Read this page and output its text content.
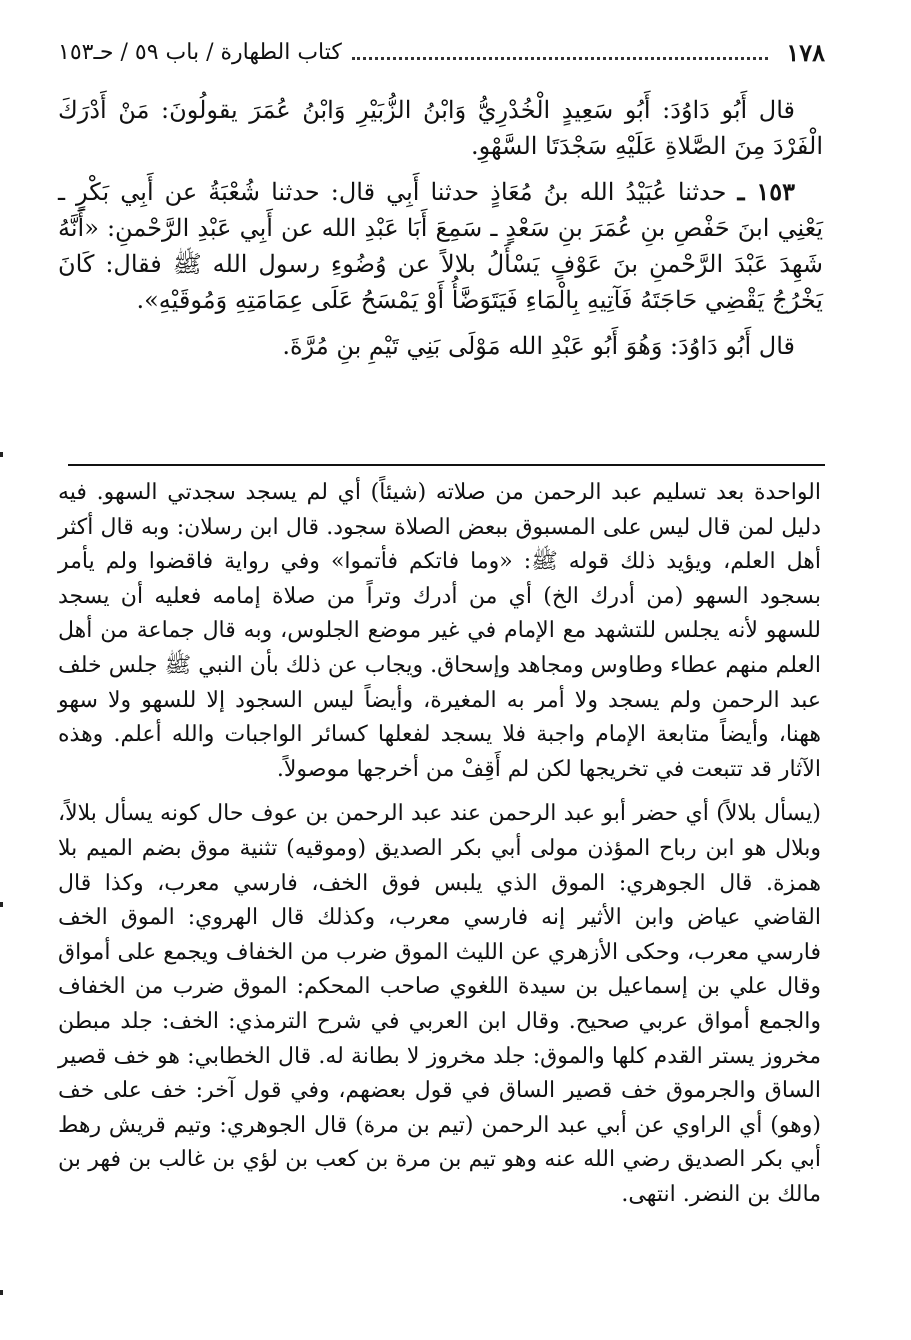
١٧٨
كتاب الطهارة / باب ٥٩ / حـ١٥٣

قال أَبُو دَاوُدَ: أَبُو سَعِيدٍ الْخُدْرِيُّ وَابْنُ الزُّبَيْرِ وَابْنُ عُمَرَ يقولُونَ: مَنْ أَدْرَكَ الْفَرْدَ مِنَ الصَّلاةِ عَلَيْهِ سَجْدَتَا السَّهْوِ.

١٥٣ ـ حدثنا عُبَيْدُ الله بنُ مُعَاذٍ حدثنا أَبِي قال: حدثنا شُعْبَةُ عن أَبِي بَكْرٍ ـ يَعْنِي ابنَ حَفْصِ بنِ عُمَرَ بنِ سَعْدٍ ـ سَمِعَ أَبَا عَبْدِ الله عن أَبِي عَبْدِ الرَّحْمنِ: «أَنَّهُ شَهِدَ عَبْدَ الرَّحْمنِ بنَ عَوْفٍ يَسْأَلُ بلالاً عن وُضُوءِ رسول الله ﷺ فقال: كَانَ يَخْرُجُ يَقْضِي حَاجَتَهُ فَآتِيهِ بِالْمَاءِ فَيَتَوَضَّأُ أَوْ يَمْسَحُ عَلَى عِمَامَتِهِ وَمُوقَيْهِ».

قال أَبُو دَاوُدَ: وَهُوَ أَبُو عَبْدِ الله مَوْلَى بَنِي تَيْمِ بنِ مُرَّةَ.

الواحدة بعد تسليم عبد الرحمن من صلاته (شيئاً) أي لم يسجد سجدتي السهو. فيه دليل لمن قال ليس على المسبوق ببعض الصلاة سجود. قال ابن رسلان: وبه قال أكثر أهل العلم، ويؤيد ذلك قوله ﷺ: «وما فاتكم فأتموا» وفي رواية فاقضوا ولم يأمر بسجود السهو (من أدرك الخ) أي من أدرك وتراً من صلاة إمامه فعليه أن يسجد للسهو لأنه يجلس للتشهد مع الإمام في غير موضع الجلوس، وبه قال جماعة من أهل العلم منهم عطاء وطاوس ومجاهد وإسحاق. ويجاب عن ذلك بأن النبي ﷺ جلس خلف عبد الرحمن ولم يسجد ولا أمر به المغيرة، وأيضاً ليس السجود إلا للسهو ولا سهو ههنا، وأيضاً متابعة الإمام واجبة فلا يسجد لفعلها كسائر الواجبات والله أعلم. وهذه الآثار قد تتبعت في تخريجها لكن لم أَقِفْ من أخرجها موصولاً.

(يسأل بلالاً) أي حضر أبو عبد الرحمن عند عبد الرحمن بن عوف حال كونه يسأل بلالاً، وبلال هو ابن رباح المؤذن مولى أبي بكر الصديق (وموقيه) تثنية موق بضم الميم بلا همزة. قال الجوهري: الموق الذي يلبس فوق الخف، فارسي معرب، وكذا قال القاضي عياض وابن الأثير إنه فارسي معرب، وكذلك قال الهروي: الموق الخف فارسي معرب، وحكى الأزهري عن الليث الموق ضرب من الخفاف ويجمع على أمواق وقال علي بن إسماعيل بن سيدة اللغوي صاحب المحكم: الموق ضرب من الخفاف والجمع أمواق عربي صحيح. وقال ابن العربي في شرح الترمذي: الخف: جلد مبطن مخروز يستر القدم كلها والموق: جلد مخروز لا بطانة له. قال الخطابي: هو خف قصير الساق والجرموق خف قصير الساق في قول بعضهم، وفي قول آخر: خف على خف (وهو) أي الراوي عن أبي عبد الرحمن (تيم بن مرة) قال الجوهري: وتيم قريش رهط أبي بكر الصديق رضي الله عنه وهو تيم بن مرة بن كعب بن لؤي بن غالب بن فهر بن مالك بن النضر. انتهى.
